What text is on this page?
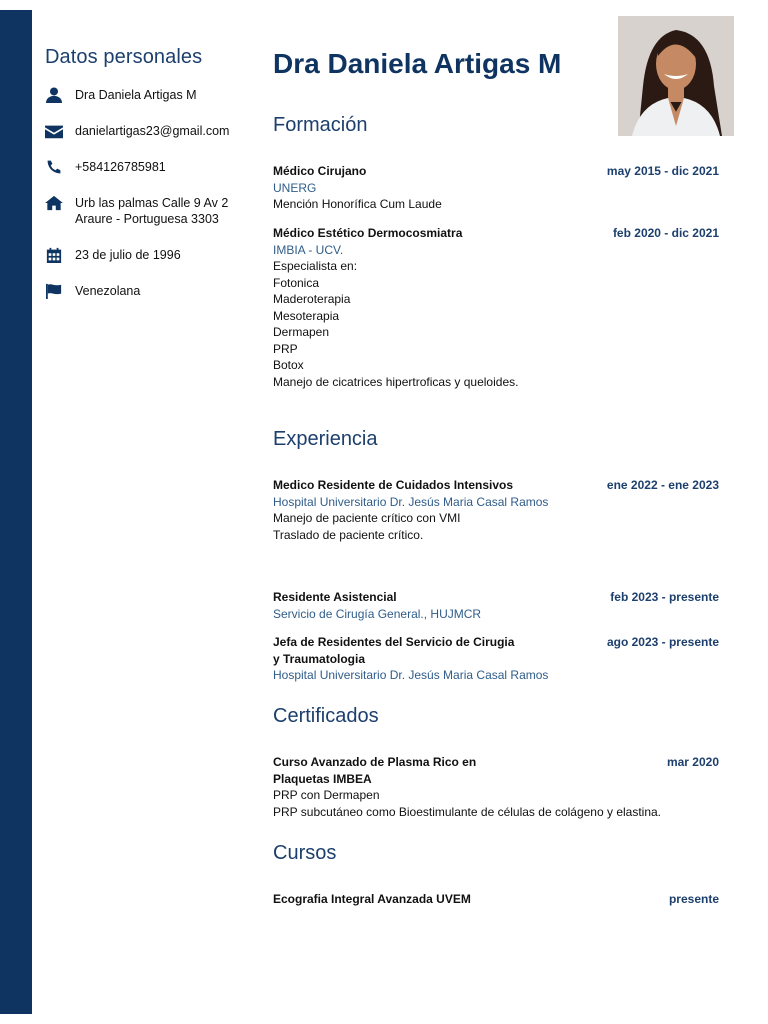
Datos personales
Dra Daniela Artigas M
danielartigas23@gmail.com
+584126785981
Urb las palmas Calle 9 Av 2
Araure - Portuguesa 3303
23 de julio de 1996
Venezolana
Dra Daniela Artigas M
Formación
Médico Cirujano	may 2015 - dic 2021
UNERG
Mención Honorífica Cum Laude
Médico Estético Dermocosmiatra	feb 2020 - dic 2021
IMBIA - UCV.
Especialista en:
Fotonica
Maderoterapia
Mesoterapia
Dermapen
PRP
Botox
Manejo de cicatrices hipertroficas y queloides.
Experiencia
Medico Residente de Cuidados Intensivos	ene 2022 - ene 2023
Hospital Universitario Dr. Jesús Maria Casal Ramos
Manejo de paciente crítico con VMI
Traslado de paciente crítico.
Residente Asistencial	feb 2023 - presente
Servicio de Cirugía General., HUJMCR
Jefa de Residentes del Servicio de Cirugia	ago 2023 - presente
y Traumatologia
Hospital Universitario Dr. Jesús Maria Casal Ramos
Certificados
Curso Avanzado de Plasma Rico en	mar 2020
Plaquetas IMBEA
PRP con Dermapen
PRP subcutáneo como Bioestimulante de células de colágeno y elastina.
Cursos
Ecografia Integral Avanzada UVEM	presente
